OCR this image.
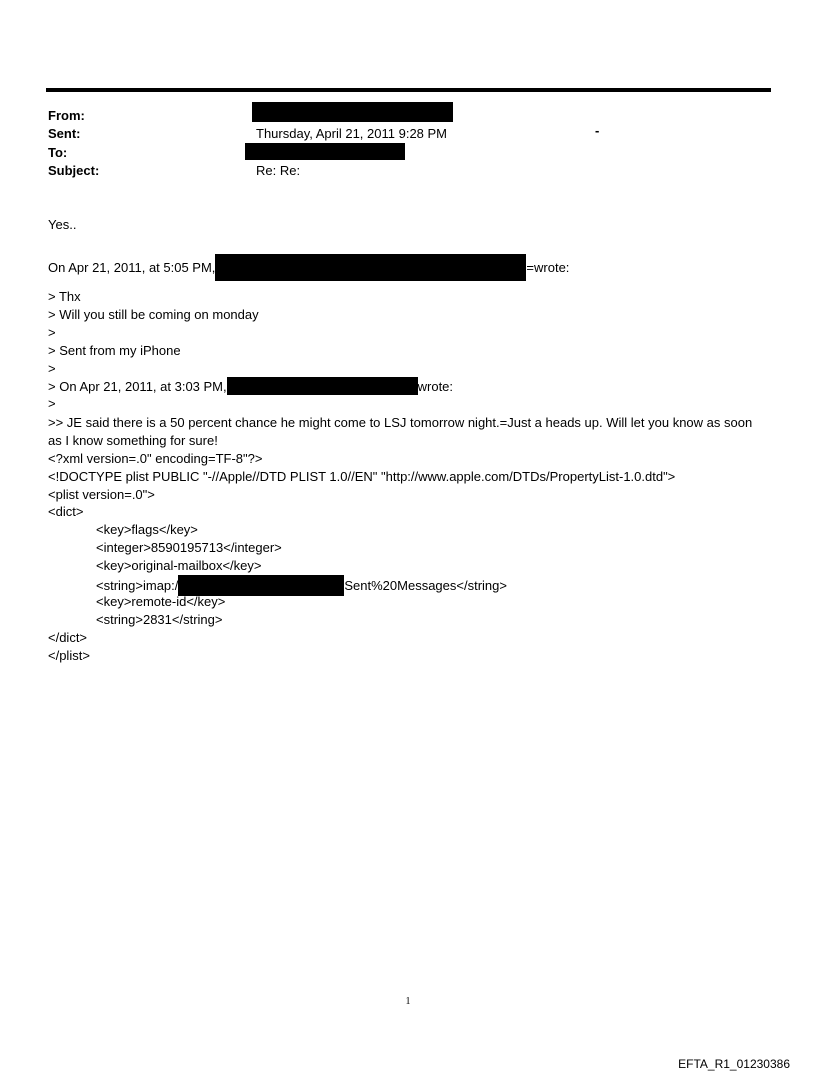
From:
Sent:	Thursday, April 21, 2011 9:28 PM	-
To:
Subject:	Re: Re:
Yes..
On Apr 21, 2011, at 5:05 PM,	=wrote:
> Thx
> Will you still be coming on monday
>
> Sent from my iPhone
>
> On Apr 21, 2011, at 3:03 PM,	wrote:
>
>> JE said there is a 50 percent chance he might come to LSJ tomorrow night.=Just a heads up. Will let you know as soon
as I know something for sure!
<?xml version=.0" encoding=TF-8"?>
<!DOCTYPE plist PUBLIC "-//Apple//DTD PLIST 1.0//EN" "http://www.apple.com/DTDs/PropertyList-1.0.dtd">
<plist version=.0">
<dict>
<key>flags</key>
<integer>8590195713</integer>
<key>original-mailbox</key>
<string>imap:/	Sent%20Messages</string>
<key>remote-id</key>
<string>2831</string>
</dict>
</plist>
1
EFTA_R1_01230386
